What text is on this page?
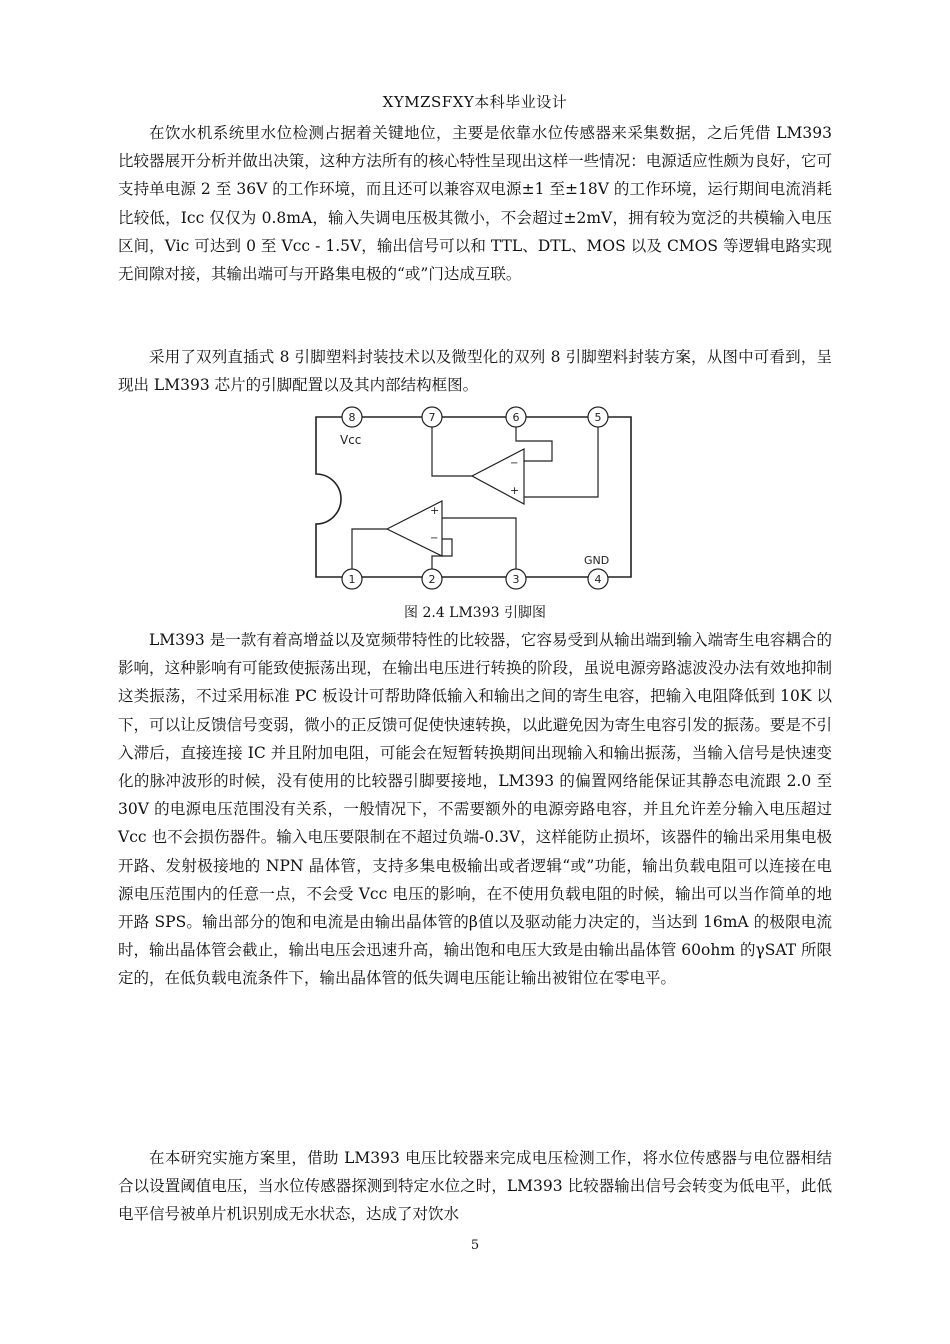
XYMZSFXY本科毕业设计

在饮水机系统里水位检测占据着关键地位，主要是依靠水位传感器来采集数据，之后凭借 LM393 比较器展开分析并做出决策，这种方法所有的核心特性呈现出这样一些情况：电源适应性颇为良好，它可支持单电源 2 至 36V 的工作环境，而且还可以兼容双电源±1 至±18V 的工作环境，运行期间电流消耗比较低，Icc 仅仅为 0.8mA，输入失调电压极其微小，不会超过±2mV，拥有较为宽泛的共模输入电压区间，Vic 可达到 0 至 Vcc - 1.5V，输出信号可以和 TTL、DTL、MOS 以及 CMOS 等逻辑电路实现无间隙对接，其输出端可与开路集电极的“或”门达成互联。

采用了双列直插式 8 引脚塑料封装技术以及微型化的双列 8 引脚塑料封装方案，从图中可看到，呈现出 LM393 芯片的引脚配置以及其内部结构框图。

−
+
+
−
8	7	6	5
1	2	3	4
Vcc
GND
图 2.4 LM393 引脚图

LM393 是一款有着高增益以及宽频带特性的比较器，它容易受到从输出端到输入端寄生电容耦合的影响，这种影响有可能致使振荡出现，在输出电压进行转换的阶段，虽说电源旁路滤波没办法有效地抑制这类振荡，不过采用标准 PC 板设计可帮助降低输入和输出之间的寄生电容，把输入电阻降低到 10K 以下，可以让反馈信号变弱，微小的正反馈可促使快速转换，以此避免因为寄生电容引发的振荡。要是不引入滞后，直接连接 IC 并且附加电阻，可能会在短暂转换期间出现输入和输出振荡，当输入信号是快速变化的脉冲波形的时候，没有使用的比较器引脚要接地，LM393 的偏置网络能保证其静态电流跟 2.0 至 30V 的电源电压范围没有关系，一般情况下，不需要额外的电源旁路电容，并且允许差分输入电压超过 Vcc 也不会损伤器件。输入电压要限制在不超过负端-0.3V，这样能防止损坏，该器件的输出采用集电极开路、发射极接地的 NPN 晶体管，支持多集电极输出或者逻辑“或”功能，输出负载电阻可以连接在电源电压范围内的任意一点，不会受 Vcc 电压的影响，在不使用负载电阻的时候，输出可以当作简单的地开路 SPS。输出部分的饱和电流是由输出晶体管的β值以及驱动能力决定的，当达到 16mA 的极限电流时，输出晶体管会截止，输出电压会迅速升高，输出饱和电压大致是由输出晶体管 60ohm 的γSAT 所限定的，在低负载电流条件下，输出晶体管的低失调电压能让输出被钳位在零电平。

在本研究实施方案里，借助 LM393 电压比较器来完成电压检测工作，将水位传感器与电位器相结合以设置阈值电压，当水位传感器探测到特定水位之时，LM393 比较器输出信号会转变为低电平，此低电平信号被单片机识别成无水状态，达成了对饮水

5
